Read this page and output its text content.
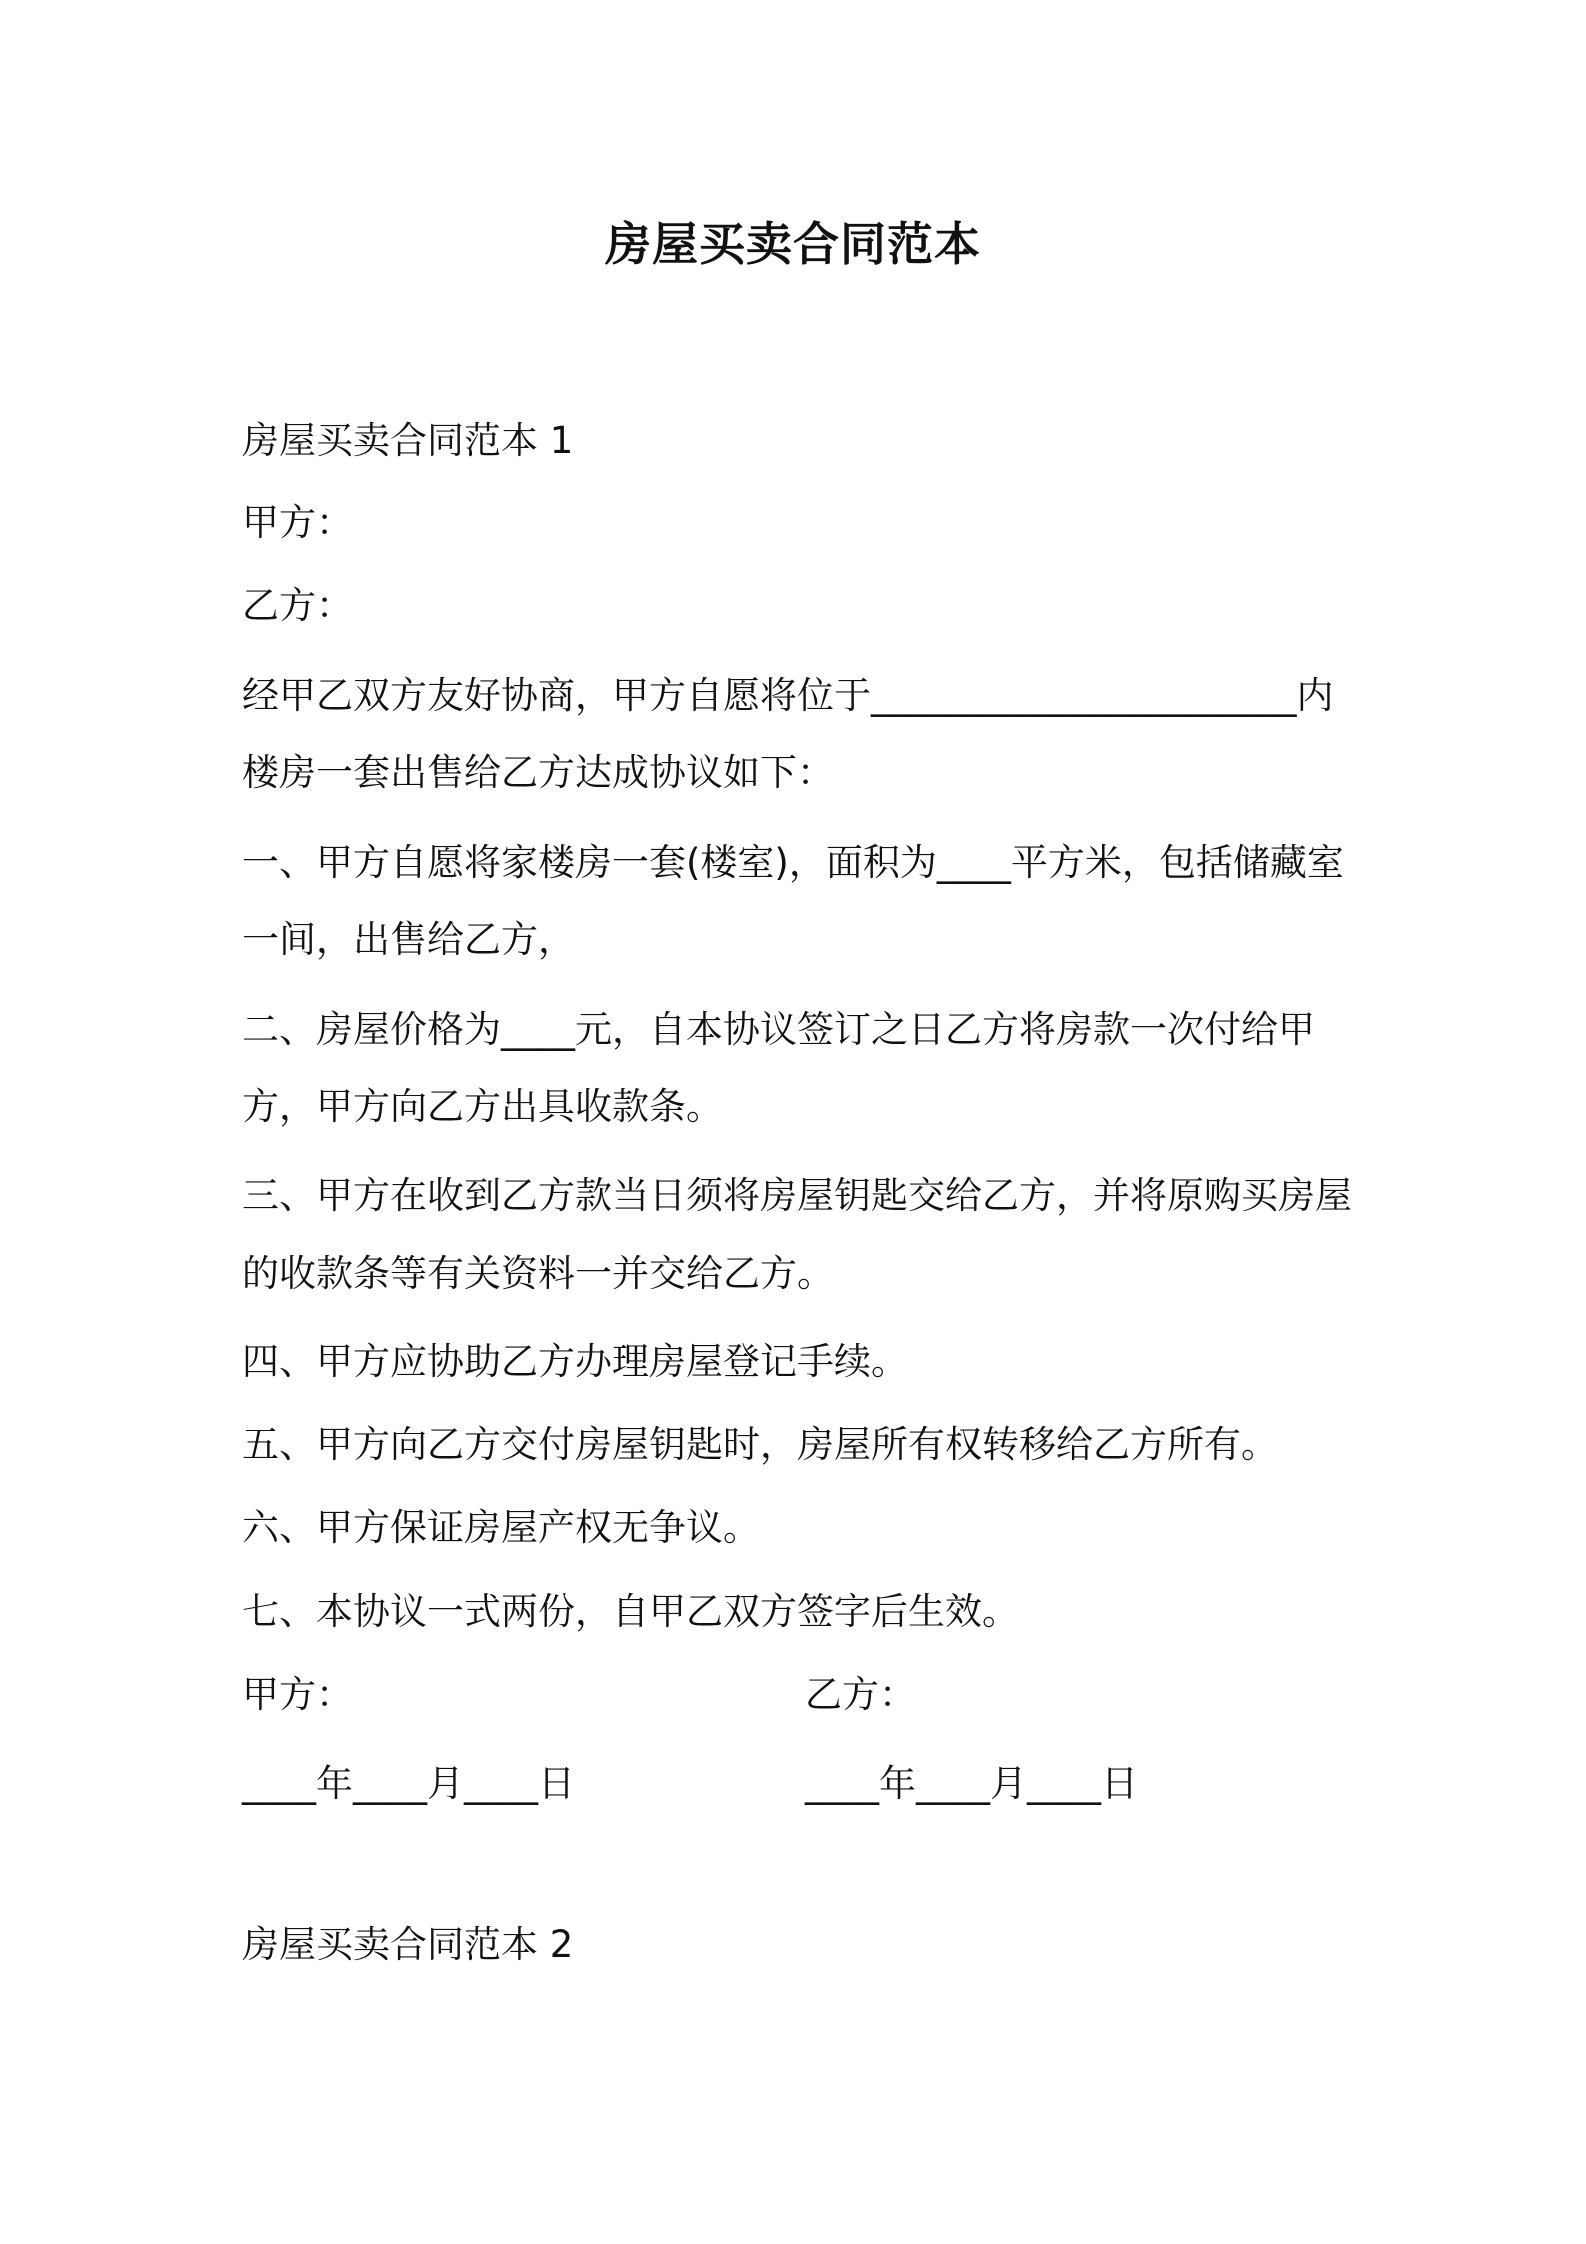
房屋买卖合同范本
房屋买卖合同范本 1
甲方：
乙方：
经甲乙双方友好协商，甲方自愿将位于_______________________内
楼房一套出售给乙方达成协议如下：
一、甲方自愿将家楼房一套(楼室)，面积为____平方米，包括储藏室
一间，出售给乙方，
二、房屋价格为____元，自本协议签订之日乙方将房款一次付给甲
方，甲方向乙方出具收款条。
三、甲方在收到乙方款当日须将房屋钥匙交给乙方，并将原购买房屋
的收款条等有关资料一并交给乙方。
四、甲方应协助乙方办理房屋登记手续。
五、甲方向乙方交付房屋钥匙时，房屋所有权转移给乙方所有。
六、甲方保证房屋产权无争议。
七、本协议一式两份，自甲乙双方签字后生效。
甲方：	乙方：
____年____月____日	____年____月____日
房屋买卖合同范本 2
